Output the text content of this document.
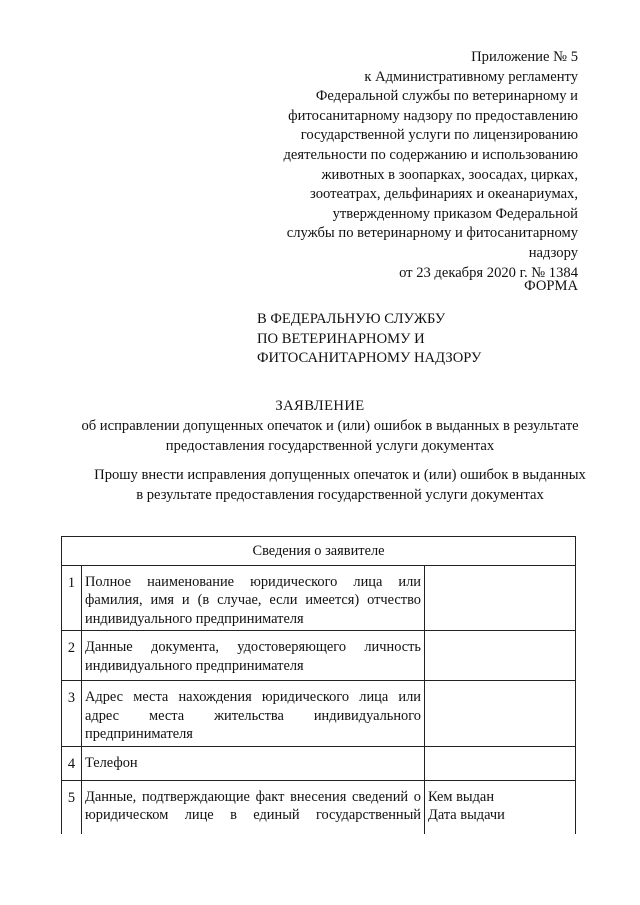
Приложение № 5
к Административному регламенту
Федеральной службы по ветеринарному и
фитосанитарному надзору по предоставлению
государственной услуги по лицензированию
деятельности по содержанию и использованию
животных в зоопарках, зоосадах, цирках,
зоотеатрах, дельфинариях и океанариумах,
утвержденному приказом Федеральной
службы по ветеринарному и фитосанитарному
надзору
от 23 декабря 2020 г. № 1384
ФОРМА
В ФЕДЕРАЛЬНУЮ СЛУЖБУ
ПО ВЕТЕРИНАРНОМУ И
ФИТОСАНИТАРНОМУ НАДЗОРУ
ЗАЯВЛЕНИЕ
об исправлении допущенных опечаток и (или) ошибок в выданных в результате
предоставления государственной услуги документах
Прошу внести исправления допущенных опечаток и (или) ошибок в выданных
в результате предоставления государственной услуги документах
Сведения о заявителе		
1	Полное наименование юридического лица или
фамилия, имя и (в случае, если имеется) отчество
индивидуального предпринимателя	

2	Данные документа, удостоверяющего личность
индивидуального предпринимателя	

3	Адрес места нахождения юридического лица или
адрес места жительства индивидуального
предпринимателя	

4	Телефон	

5	Данные, подтверждающие факт внесения сведений о
юридическом лице в единый государственный	Кем выдан
Дата выдачи
